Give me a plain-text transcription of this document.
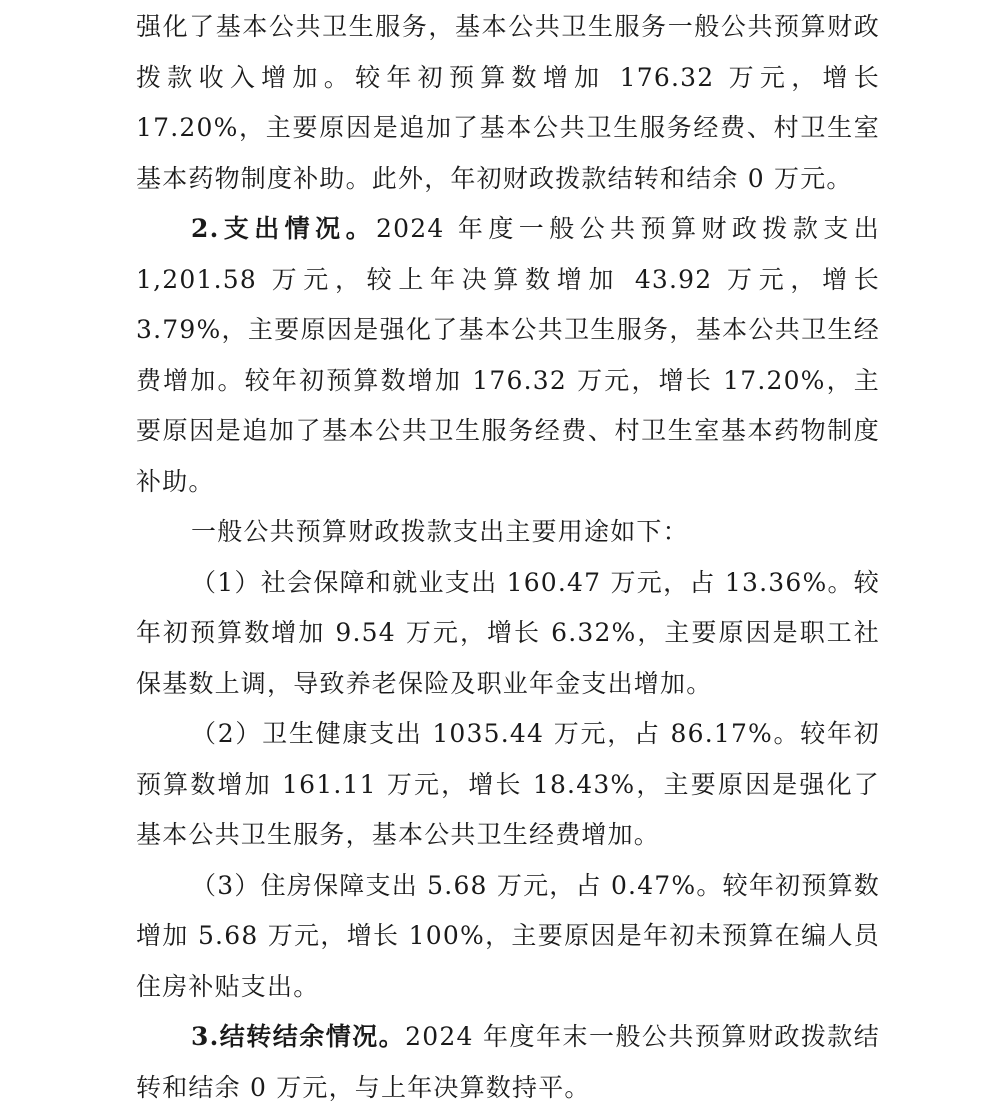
强化了基本公共卫生服务，基本公共卫生服务一般公共预算财政拨款收入增加。较年初预算数增加 176.32 万元，增长 17.20%，主要原因是追加了基本公共卫生服务经费、村卫生室基本药物制度补助。此外，年初财政拨款结转和结余 0 万元。

2.支出情况。2024 年度一般公共预算财政拨款支出 1,201.58 万元，较上年决算数增加 43.92 万元，增长 3.79%，主要原因是强化了基本公共卫生服务，基本公共卫生经费增加。较年初预算数增加 176.32 万元，增长 17.20%，主要原因是追加了基本公共卫生服务经费、村卫生室基本药物制度补助。

一般公共预算财政拨款支出主要用途如下：

（1）社会保障和就业支出 160.47 万元，占 13.36%。较年初预算数增加 9.54 万元，增长 6.32%，主要原因是职工社保基数上调，导致养老保险及职业年金支出增加。

（2）卫生健康支出 1035.44 万元，占 86.17%。较年初预算数增加 161.11 万元，增长 18.43%，主要原因是强化了基本公共卫生服务，基本公共卫生经费增加。

（3）住房保障支出 5.68 万元，占 0.47%。较年初预算数增加 5.68 万元，增长 100%，主要原因是年初未预算在编人员住房补贴支出。

3.结转结余情况。2024 年度年末一般公共预算财政拨款结转和结余 0 万元，与上年决算数持平。
